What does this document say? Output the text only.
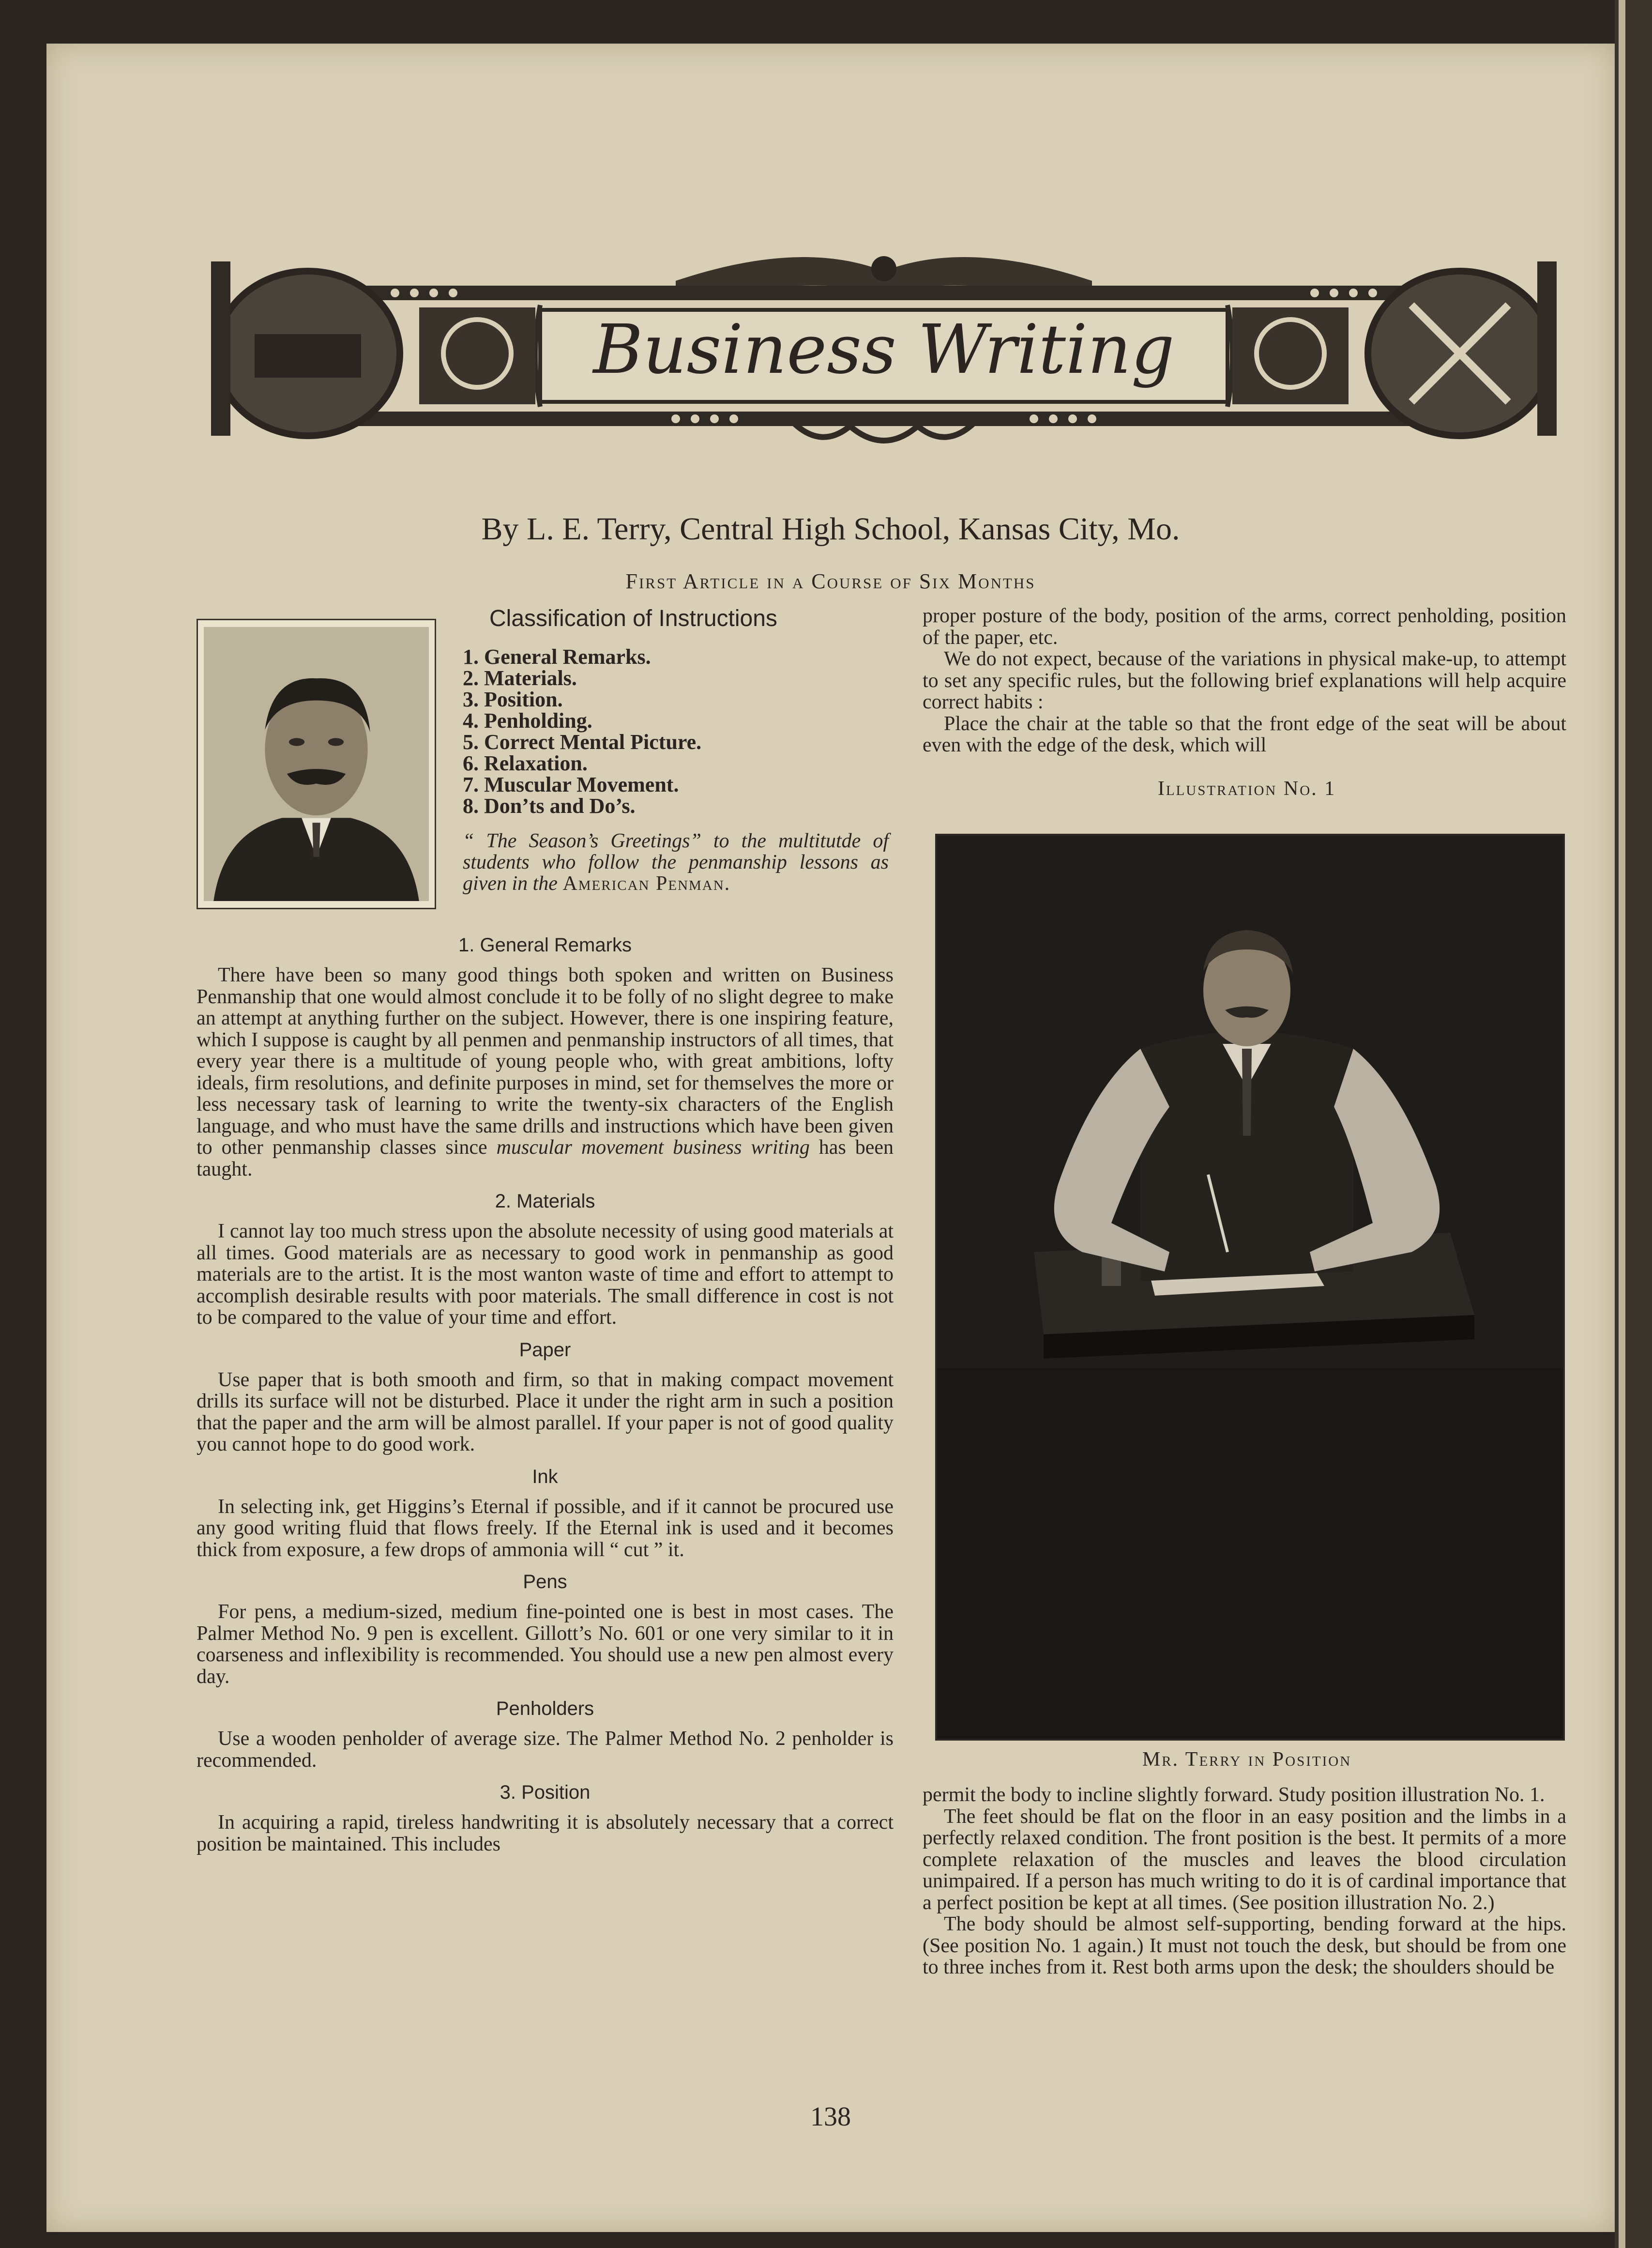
Business Writing
By L. E. Terry, Central High School, Kansas City, Mo.
First Article in a Course of Six Months
Classification of Instructions
1. General Remarks.
2. Materials.
3. Position.
4. Penholding.
5. Correct Mental Picture.
6. Relaxation.
7. Muscular Movement.
8. Don’ts and Do’s.
“ The Season’s Greetings” to the multitutde of students who follow the penmanship lessons as given in the American Penman.
1. General Remarks

There have been so many good things both spoken and written on Business Penmanship that one would almost conclude it to be folly of no slight degree to make an attempt at anything further on the subject. However, there is one inspiring feature, which I suppose is caught by all penmen and penmanship instructors of all times, that every year there is a multitude of young people who, with great ambitions, lofty ideals, firm resolutions, and definite purposes in mind, set for themselves the more or less necessary task of learning to write the twenty-six characters of the English language, and who must have the same drills and instructions which have been given to other penmanship classes since muscular movement business writing has been taught.

2. Materials

I cannot lay too much stress upon the absolute necessity of using good materials at all times. Good materials are as necessary to good work in penmanship as good materials are to the artist. It is the most wanton waste of time and effort to attempt to accomplish desirable results with poor materials. The small difference in cost is not to be compared to the value of your time and effort.

Paper

Use paper that is both smooth and firm, so that in making compact movement drills its surface will not be disturbed. Place it under the right arm in such a position that the paper and the arm will be almost parallel. If your paper is not of good quality you cannot hope to do good work.

Ink

In selecting ink, get Higgins’s Eternal if possible, and if it cannot be procured use any good writing fluid that flows freely. If the Eternal ink is used and it becomes thick from exposure, a few drops of ammonia will “ cut ” it.

Pens

For pens, a medium-sized, medium fine-pointed one is best in most cases. The Palmer Method No. 9 pen is excellent. Gillott’s No. 601 or one very similar to it in coarseness and inflexibility is recommended. You should use a new pen almost every day.

Penholders

Use a wooden penholder of average size. The Palmer Method No. 2 penholder is recommended.

3. Position

In acquiring a rapid, tireless handwriting it is absolutely necessary that a correct position be maintained. This includes

proper posture of the body, position of the arms, correct penholding, position of the paper, etc.

We do not expect, because of the variations in physical make-up, to attempt to set any specific rules, but the following brief explanations will help acquire correct habits :

Place the chair at the table so that the front edge of the seat will be about even with the edge of the desk, which will

Illustration No. 1
Mr. Terry in Position

permit the body to incline slightly forward. Study position illustration No. 1.

The feet should be flat on the floor in an easy position and the limbs in a perfectly relaxed condition. The front position is the best. It permits of a more complete relaxation of the muscles and leaves the blood circulation unimpaired. If a person has much writing to do it is of cardinal importance that a perfect position be kept at all times. (See position illustration No. 2.)

The body should be almost self-supporting, bending forward at the hips. (See position No. 1 again.) It must not touch the desk, but should be from one to three inches from it. Rest both arms upon the desk; the shoulders should be

138
